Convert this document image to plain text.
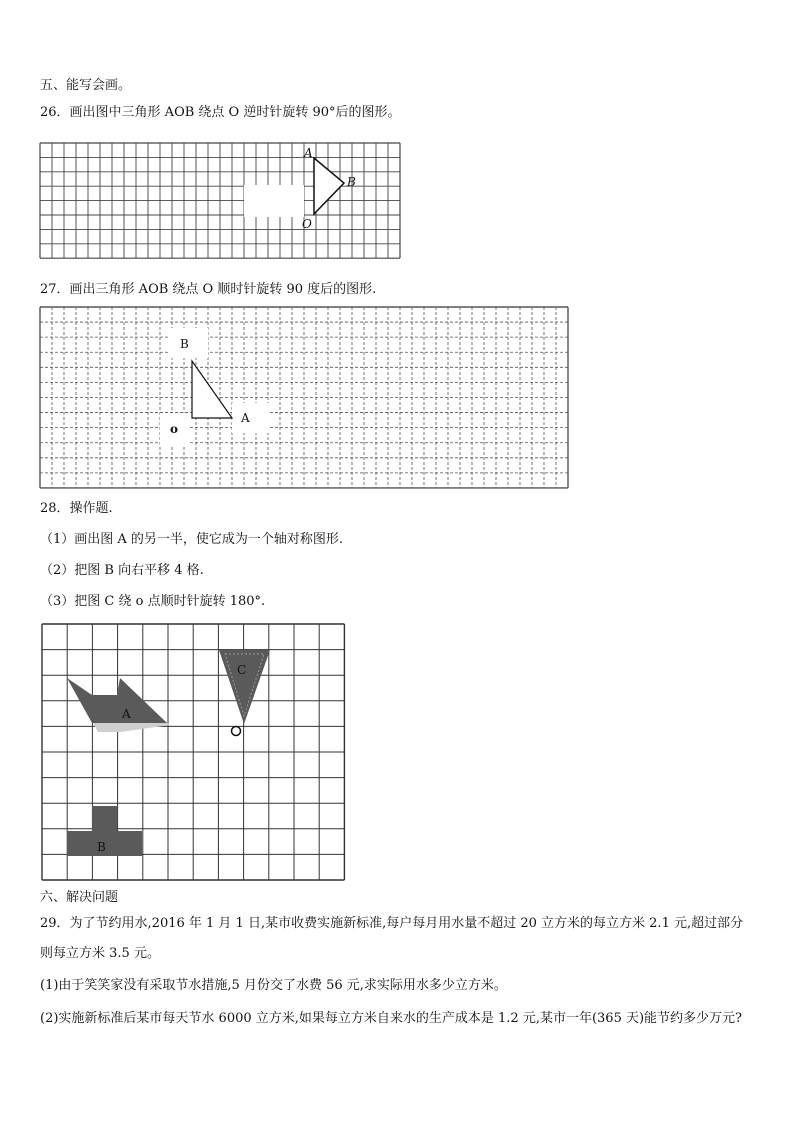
五、能写会画。
26．画出图中三角形 AOB 绕点 O 逆时针旋转 90°后的图形。
A
B
O
27．画出三角形 AOB 绕点 O 顺时针旋转 90 度后的图形.
B
A
o
28．操作题.
（1）画出图 A 的另一半，使它成为一个轴对称图形.
（2）把图 B 向右平移 4 格.
（3）把图 C 绕 o 点顺时针旋转 180°.
A
C
B
六、解决问题
29．为了节约用水,2016 年 1 月 1 日,某市收费实施新标准,每户每月用水量不超过 20 立方米的每立方米 2.1 元,超过部分
则每立方米 3.5 元。
(1)由于笑笑家没有采取节水措施,5 月份交了水费 56 元,求实际用水多少立方米。
(2)实施新标准后某市每天节水 6000 立方米,如果每立方米自来水的生产成本是 1.2 元,某市一年(365 天)能节约多少万元?
